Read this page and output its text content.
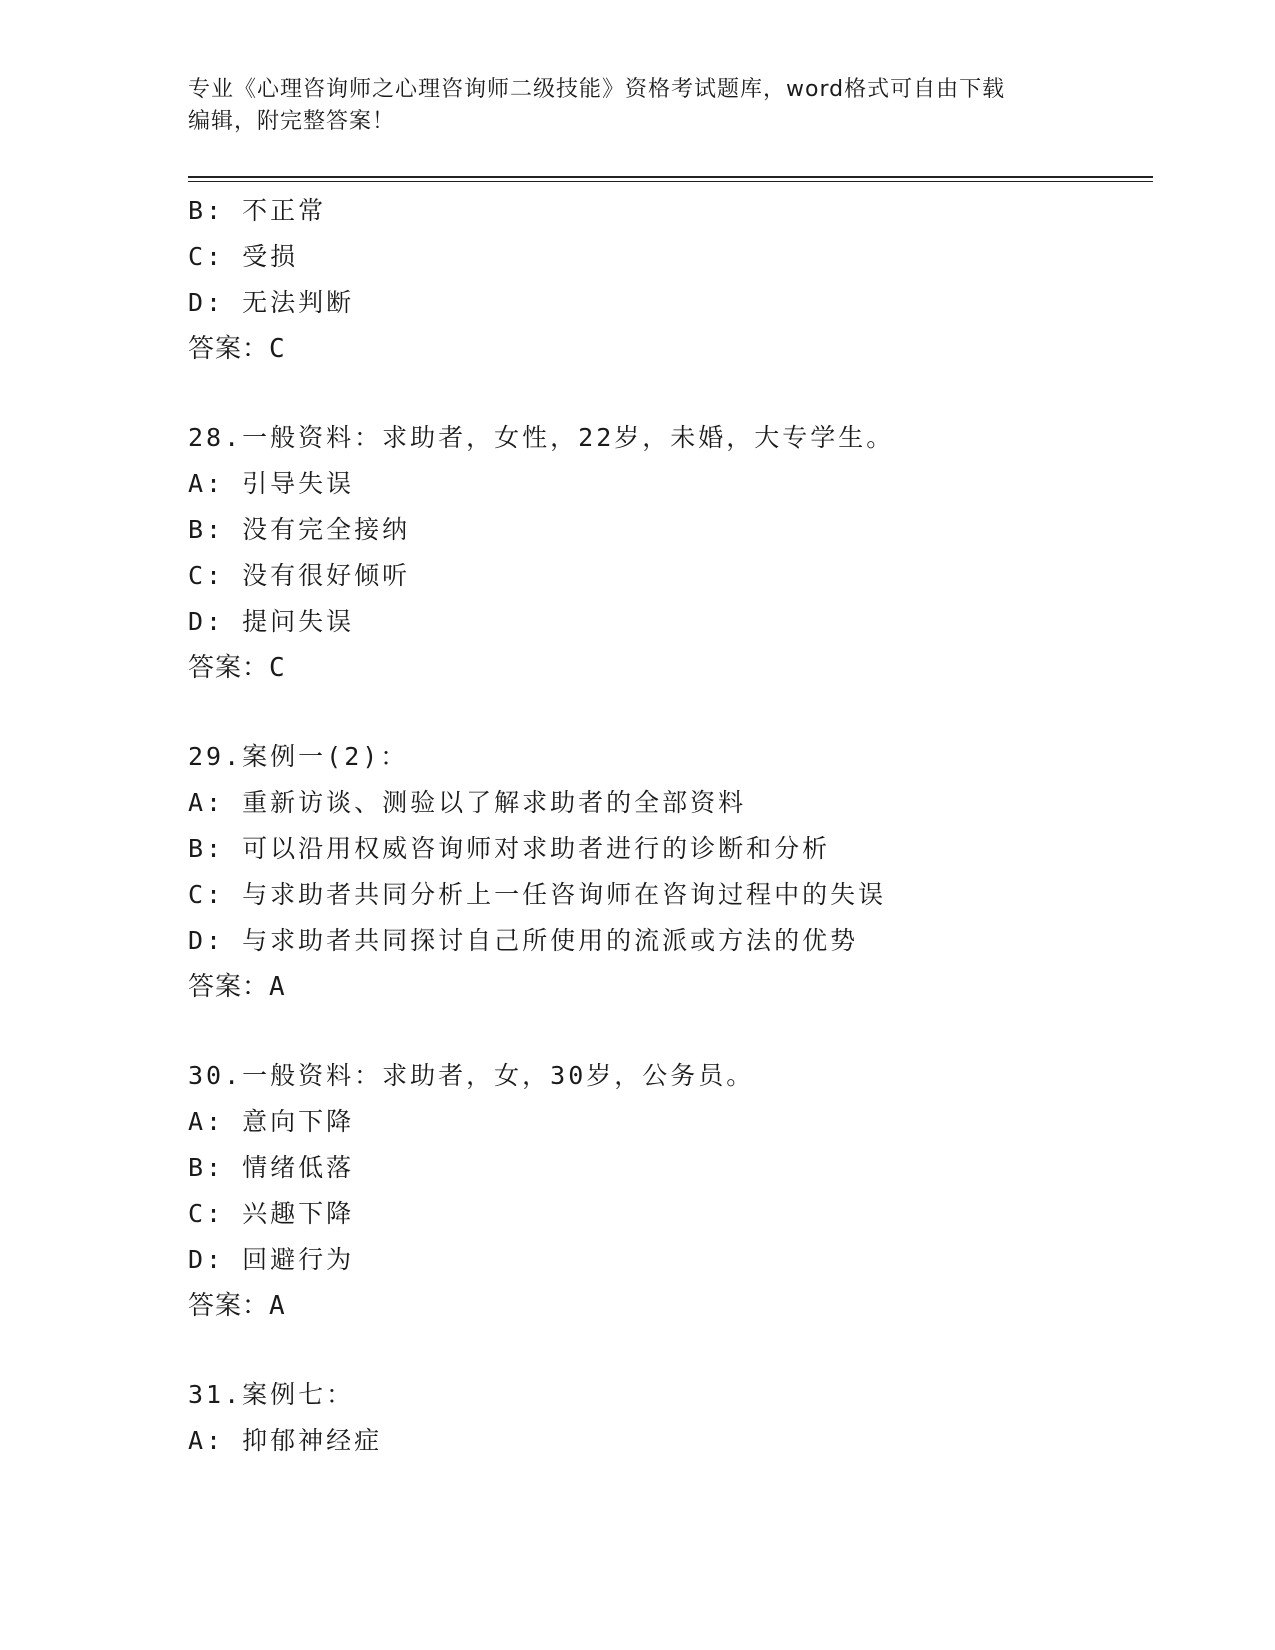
专业《心理咨询师之心理咨询师二级技能》资格考试题库，word格式可自由下载
编辑，附完整答案！
B: 不正常
C: 受损
D: 无法判断
答案：C
28.一般资料：求助者，女性，22岁，未婚，大专学生。
A: 引导失误
B: 没有完全接纳
C: 没有很好倾听
D: 提问失误
答案：C
29.案例一(2)：
A: 重新访谈、测验以了解求助者的全部资料
B: 可以沿用权威咨询师对求助者进行的诊断和分析
C: 与求助者共同分析上一任咨询师在咨询过程中的失误
D: 与求助者共同探讨自己所使用的流派或方法的优势
答案：A
30.一般资料：求助者，女，30岁，公务员。
A: 意向下降
B: 情绪低落
C: 兴趣下降
D: 回避行为
答案：A
31.案例七：
A: 抑郁神经症
